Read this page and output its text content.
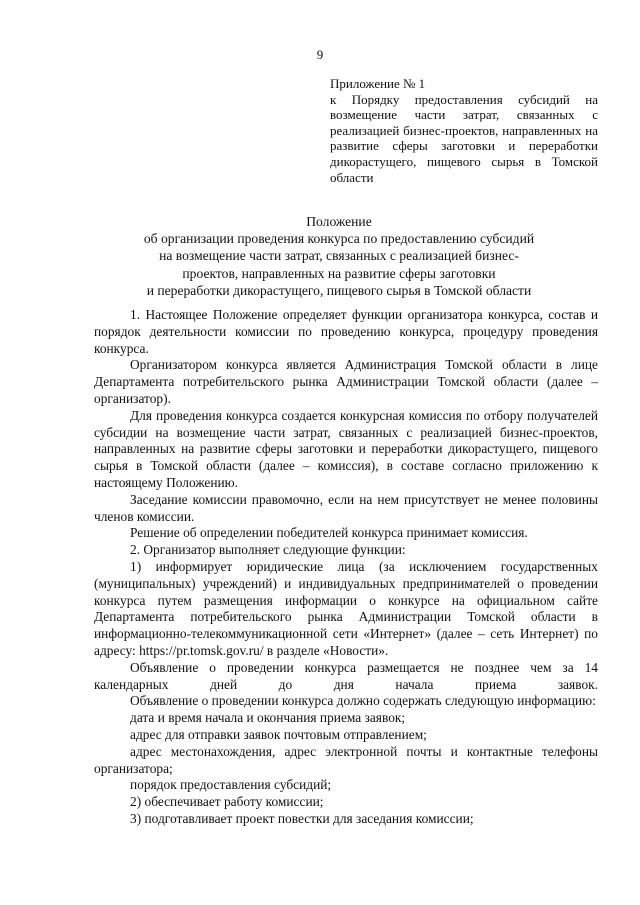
9
Приложение № 1
к Порядку предоставления субсидий на возмещение части затрат, связанных с реализацией бизнес-проектов, направленных на развитие сферы заготовки и переработки дикорастущего, пищевого сырья в Томской области
Положение
об организации проведения конкурса по предоставлению субсидий
на возмещение части затрат, связанных с реализацией бизнес-
проектов, направленных на развитие сферы заготовки
и переработки дикорастущего, пищевого сырья в Томской области

1. Настоящее Положение определяет функции организатора конкурса, состав и порядок деятельности комиссии по проведению конкурса, процедуру проведения конкурса.

Организатором конкурса является Администрация Томской области в лице Департамента потребительского рынка Администрации Томской области (далее – организатор).

Для проведения конкурса создается конкурсная комиссия по отбору получателей субсидии на возмещение части затрат, связанных с реализацией бизнес-проектов, направленных на развитие сферы заготовки и переработки дикорастущего, пищевого сырья в Томской области (далее – комиссия), в составе согласно приложению к настоящему Положению.

Заседание комиссии правомочно, если на нем присутствует не менее половины членов комиссии.

Решение об определении победителей конкурса принимает комиссия.

2. Организатор выполняет следующие функции:

1) информирует юридические лица (за исключением государственных (муниципальных) учреждений) и индивидуальных предпринимателей о проведении конкурса путем размещения информации о конкурсе на официальном сайте Департамента потребительского рынка Администрации Томской области в информационно-телекоммуникационной сети «Интернет» (далее – сеть Интернет) по адресу: https://pr.tomsk.gov.ru/ в разделе «Новости».

Объявление о проведении конкурса размещается не позднее чем за 14 календарных дней до дня начала приема заявок.

Объявление о проведении конкурса должно содержать следующую информацию:

дата и время начала и окончания приема заявок;

адрес для отправки заявок почтовым отправлением;

адрес местонахождения, адрес электронной почты и контактные телефоны организатора;

порядок предоставления субсидий;

2) обеспечивает работу комиссии;

3) подготавливает проект повестки для заседания комиссии;
